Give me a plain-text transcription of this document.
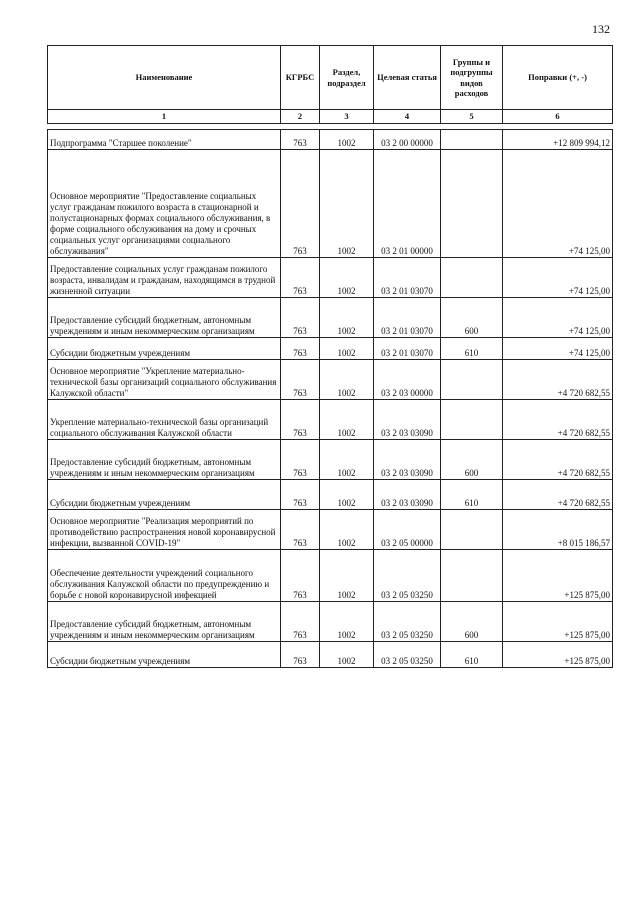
132
Наименование	КГРБС	Раздел, подраздел	Целевая статья	Группы и подгруппы видов расходов	Поправки (+, -)
1	2	3	4	5	6

Подпрограмма "Старшее поколение"	763	1002	03 2 00 00000		+12 809 994,12
Основное мероприятие "Предоставление социальных услуг гражданам пожилого возраста в стационарной и полустационарных формах социального обслуживания, в форме социального обслуживания на дому и срочных социальных услуг организациями социального обслуживания"	763	1002	03 2 01 00000		+74 125,00
Предоставление социальных услуг гражданам пожилого возраста, инвалидам и гражданам, находящимся в трудной жизненной ситуации	763	1002	03 2 01 03070		+74 125,00
Предоставление субсидий бюджетным, автономным учреждениям и иным некоммерческим организациям	763	1002	03 2 01 03070	600	+74 125,00
Субсидии бюджетным учреждениям	763	1002	03 2 01 03070	610	+74 125,00
Основное мероприятие "Укрепление материально-технической базы организаций социального обслуживания Калужской области"	763	1002	03 2 03 00000		+4 720 682,55
Укрепление материально-технической базы организаций социального обслуживания Калужской области	763	1002	03 2 03 03090		+4 720 682,55
Предоставление субсидий бюджетным, автономным учреждениям и иным некоммерческим организациям	763	1002	03 2 03 03090	600	+4 720 682,55
Субсидии бюджетным учреждениям	763	1002	03 2 03 03090	610	+4 720 682,55
Основное мероприятие "Реализация мероприятий по противодействию распространения новой коронавирусной инфекции, вызванной COVID-19"	763	1002	03 2 05 00000		+8 015 186,57
Обеспечение деятельности учреждений социального обслуживания Калужской области по предупреждению и борьбе с новой коронавирусной инфекцией	763	1002	03 2 05 03250		+125 875,00
Предоставление субсидий бюджетным, автономным учреждениям и иным некоммерческим организациям	763	1002	03 2 05 03250	600	+125 875,00
Субсидии бюджетным учреждениям	763	1002	03 2 05 03250	610	+125 875,00
